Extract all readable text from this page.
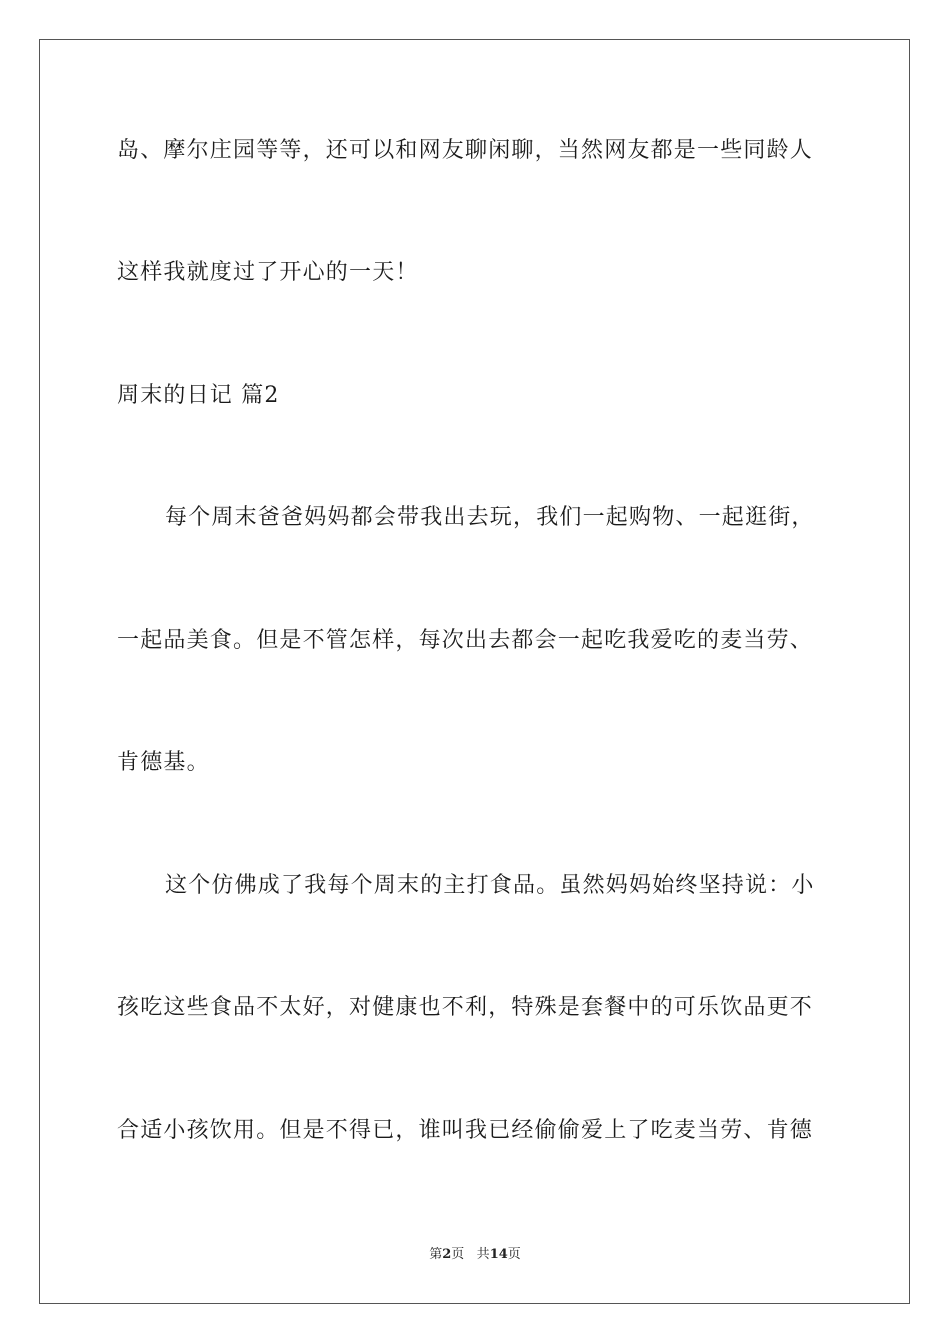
岛、摩尔庄园等等，还可以和网友聊闲聊，当然网友都是一些同龄人
这样我就度过了开心的一天！
周末的日记 篇2
每个周末爸爸妈妈都会带我出去玩，我们一起购物、一起逛街，
一起品美食。但是不管怎样，每次出去都会一起吃我爱吃的麦当劳、
肯德基。
这个仿佛成了我每个周末的主打食品。虽然妈妈始终坚持说：小
孩吃这些食品不太好，对健康也不利，特殊是套餐中的可乐饮品更不
合适小孩饮用。但是不得已，谁叫我已经偷偷爱上了吃麦当劳、肯德
第2页 共14页
